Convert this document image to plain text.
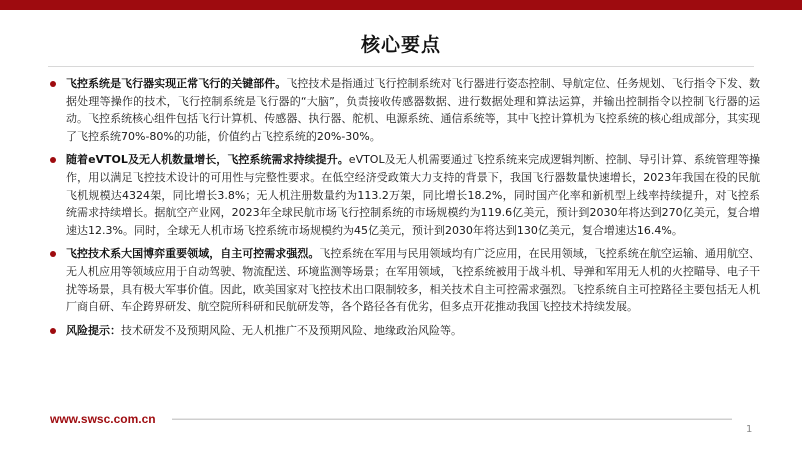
核心要点
飞控系统是飞行器实现正常飞行的关键部件。飞控技术是指通过飞行控制系统对飞行器进行姿态控制、导航定位、任务规划、飞行指令下发、数据处理等操作的技术，飞行控制系统是飞行器的“大脑”，负责接收传感器数据、进行数据处理和算法运算，并输出控制指令以控制飞行器的运动。飞控系统核心组件包括飞行计算机、传感器、执行器、舵机、电源系统、通信系统等，其中飞控计算机为飞控系统的核心组成部分，其实现了飞控系统70%-80%的功能，价值约占飞控系统的20%-30%。
随着eVTOL及无人机数量增长，飞控系统需求持续提升。eVTOL及无人机需要通过飞控系统来完成逻辑判断、控制、导引计算、系统管理等操作，用以满足飞控技术设计的可用性与完整性要求。在低空经济受政策大力支持的背景下，我国飞行器数量快速增长，2023年我国在役的民航飞机规模达4324架，同比增长3.8%；无人机注册数量约为113.2万架，同比增长18.2%，同时国产化率和新机型上线率持续提升，对飞控系统需求持续增长。据航空产业网，2023年全球民航市场飞行控制系统的市场规模约为119.6亿美元，预计到2030年将达到270亿美元，复合增速达12.3%。同时，全球无人机市场飞控系统市场规模约为45亿美元，预计到2030年将达到130亿美元，复合增速达16.4%。
飞控技术系大国博弈重要领域，自主可控需求强烈。飞控系统在军用与民用领域均有广泛应用，在民用领域，飞控系统在航空运输、通用航空、无人机应用等领域应用于自动驾驶、物流配送、环境监测等场景；在军用领域，飞控系统被用于战斗机、导弹和军用无人机的火控瞄导、电子干扰等场景，具有极大军事价值。因此，欧美国家对飞控技术出口限制较多，相关技术自主可控需求强烈。飞控系统自主可控路径主要包括无人机厂商自研、车企跨界研发、航空院所科研和民航研发等，各个路径各有优劣，但多点开花推动我国飞控技术持续发展。
风险提示：技术研发不及预期风险、无人机推广不及预期风险、地缘政治风险等。
www.swsc.com.cn
1
